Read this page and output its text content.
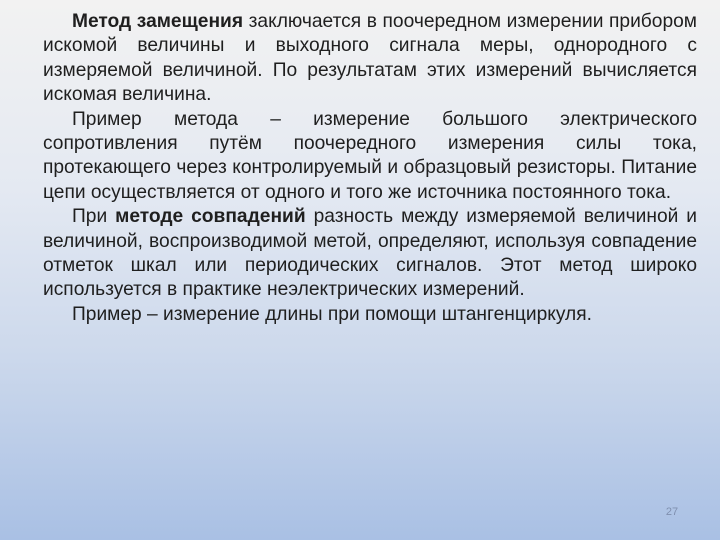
Метод замещения заключается в поочередном измерении прибором искомой величины и выходного сигнала меры, однородного с измеряемой величиной. По результатам этих измерений вычисляется искомая величина.

Пример метода – измерение большого электрического сопротивления путём поочередного измерения силы тока, протекающего через контролируемый и образцовый резисторы. Питание цепи осуществляется от одного и того же источника постоянного тока.

При методе совпадений разность между измеряемой величиной и величиной, воспроизводимой метой, определяют, используя совпадение отметок шкал или периодических сигналов. Этот метод широко используется в практике неэлектрических измерений.

Пример – измерение длины при помощи штангенциркуля.

27
